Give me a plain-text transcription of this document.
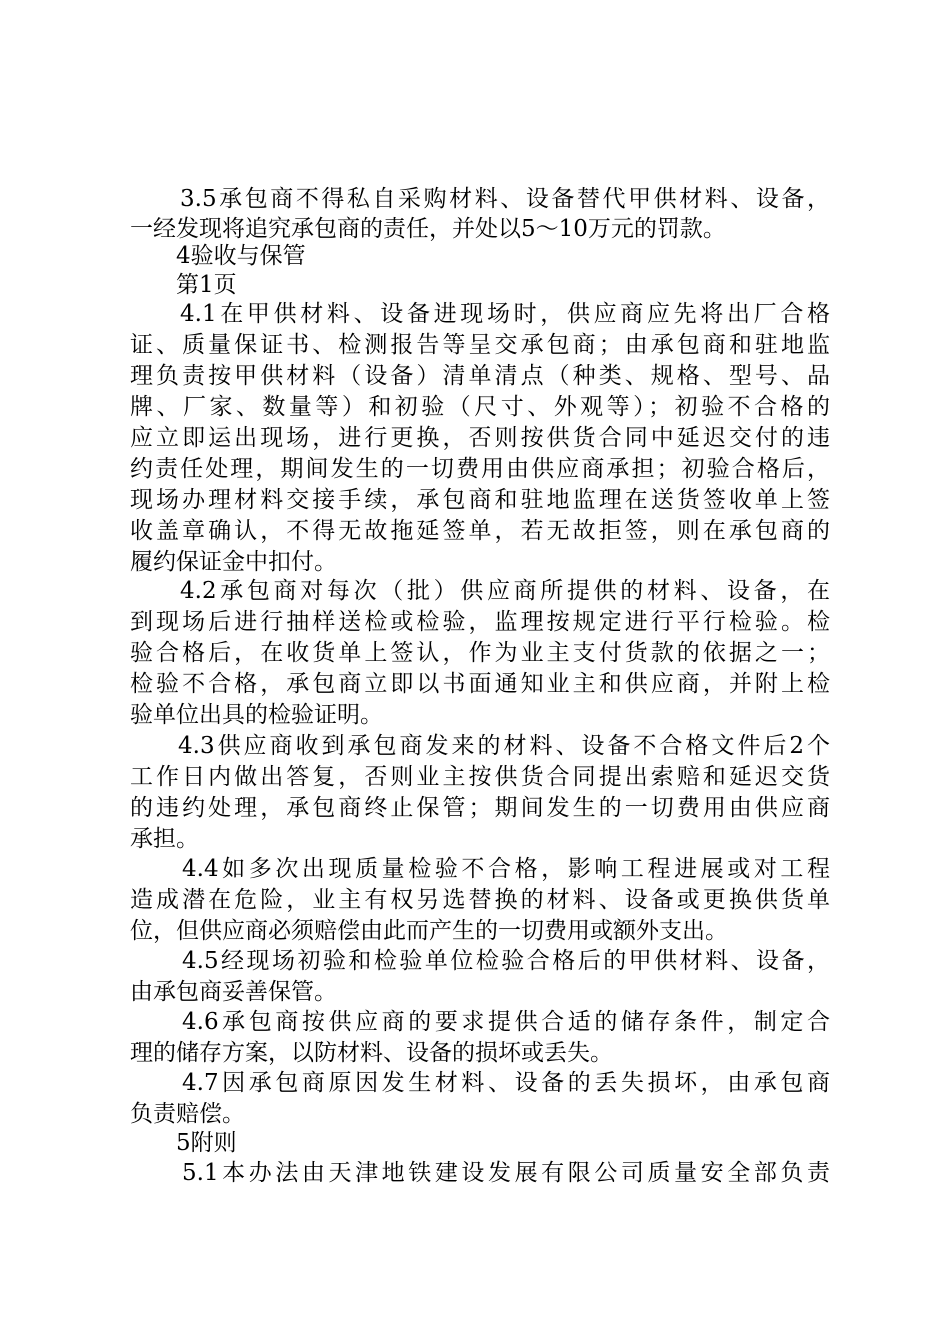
3.5承包商不得私自采购材料、设备替代甲供材料、设备，
一经发现将追究承包商的责任，并处以5～10万元的罚款。
4验收与保管
第1页
4.1在甲供材料、设备进现场时，供应商应先将出厂合格
证、质量保证书、检测报告等呈交承包商；由承包商和驻地监
理负责按甲供材料（设备）清单清点（种类、规格、型号、品
牌、厂家、数量等）和初验（尺寸、外观等）；初验不合格的
应立即运出现场，进行更换，否则按供货合同中延迟交付的违
约责任处理，期间发生的一切费用由供应商承担；初验合格后，
现场办理材料交接手续，承包商和驻地监理在送货签收单上签
收盖章确认，不得无故拖延签单，若无故拒签，则在承包商的
履约保证金中扣付。
4.2承包商对每次（批）供应商所提供的材料、设备，在
到现场后进行抽样送检或检验，监理按规定进行平行检验。检
验合格后，在收货单上签认，作为业主支付货款的依据之一；
检验不合格，承包商立即以书面通知业主和供应商，并附上检
验单位出具的检验证明。
4.3供应商收到承包商发来的材料、设备不合格文件后2个
工作日内做出答复，否则业主按供货合同提出索赔和延迟交货
的违约处理，承包商终止保管；期间发生的一切费用由供应商
承担。
4.4如多次出现质量检验不合格，影响工程进展或对工程
造成潜在危险，业主有权另选替换的材料、设备或更换供货单
位，但供应商必须赔偿由此而产生的一切费用或额外支出。
4.5经现场初验和检验单位检验合格后的甲供材料、设备，
由承包商妥善保管。
4.6承包商按供应商的要求提供合适的储存条件，制定合
理的储存方案，以防材料、设备的损坏或丢失。
4.7因承包商原因发生材料、设备的丢失损坏，由承包商
负责赔偿。
5附则
5.1本办法由天津地铁建设发展有限公司质量安全部负责
